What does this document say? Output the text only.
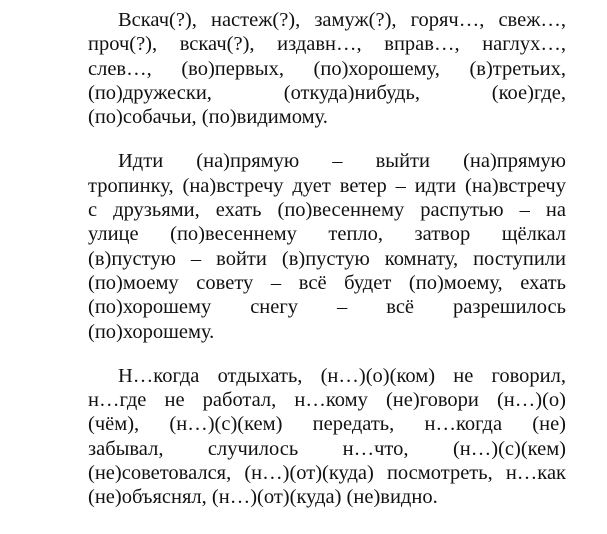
Вскач(?), настеж(?), замуж(?), горяч…, свеж…,
проч(?), вскач(?), издавн…, вправ…, наглух…,
слев…, (во)первых, (по)хорошему, (в)третьих,
(по)дружески, (откуда)нибудь, (кое)где,
(по)собачьи, (по)видимому.
Идти (на)прямую – выйти (на)прямую
тропинку, (на)встречу дует ветер – идти (на)встречу
с друзьями, ехать (по)весеннему распутью – на
улице (по)весеннему тепло, затвор щёлкал
(в)пустую – войти (в)пустую комнату, поступили
(по)моему совету – всё будет (по)моему, ехать
(по)хорошему снегу – всё разрешилось
(по)хорошему.
Н…когда отдыхать, (н…)(о)(ком) не говорил,
н…где не работал, н…кому (не)говори (н…)(о)
(чём), (н…)(с)(кем) передать, н…когда (не)
забывал, случилось н…что, (н…)(с)(кем)
(не)советовался, (н…)(от)(куда) посмотреть, н…как
(не)объяснял, (н…)(от)(куда) (не)видно.
